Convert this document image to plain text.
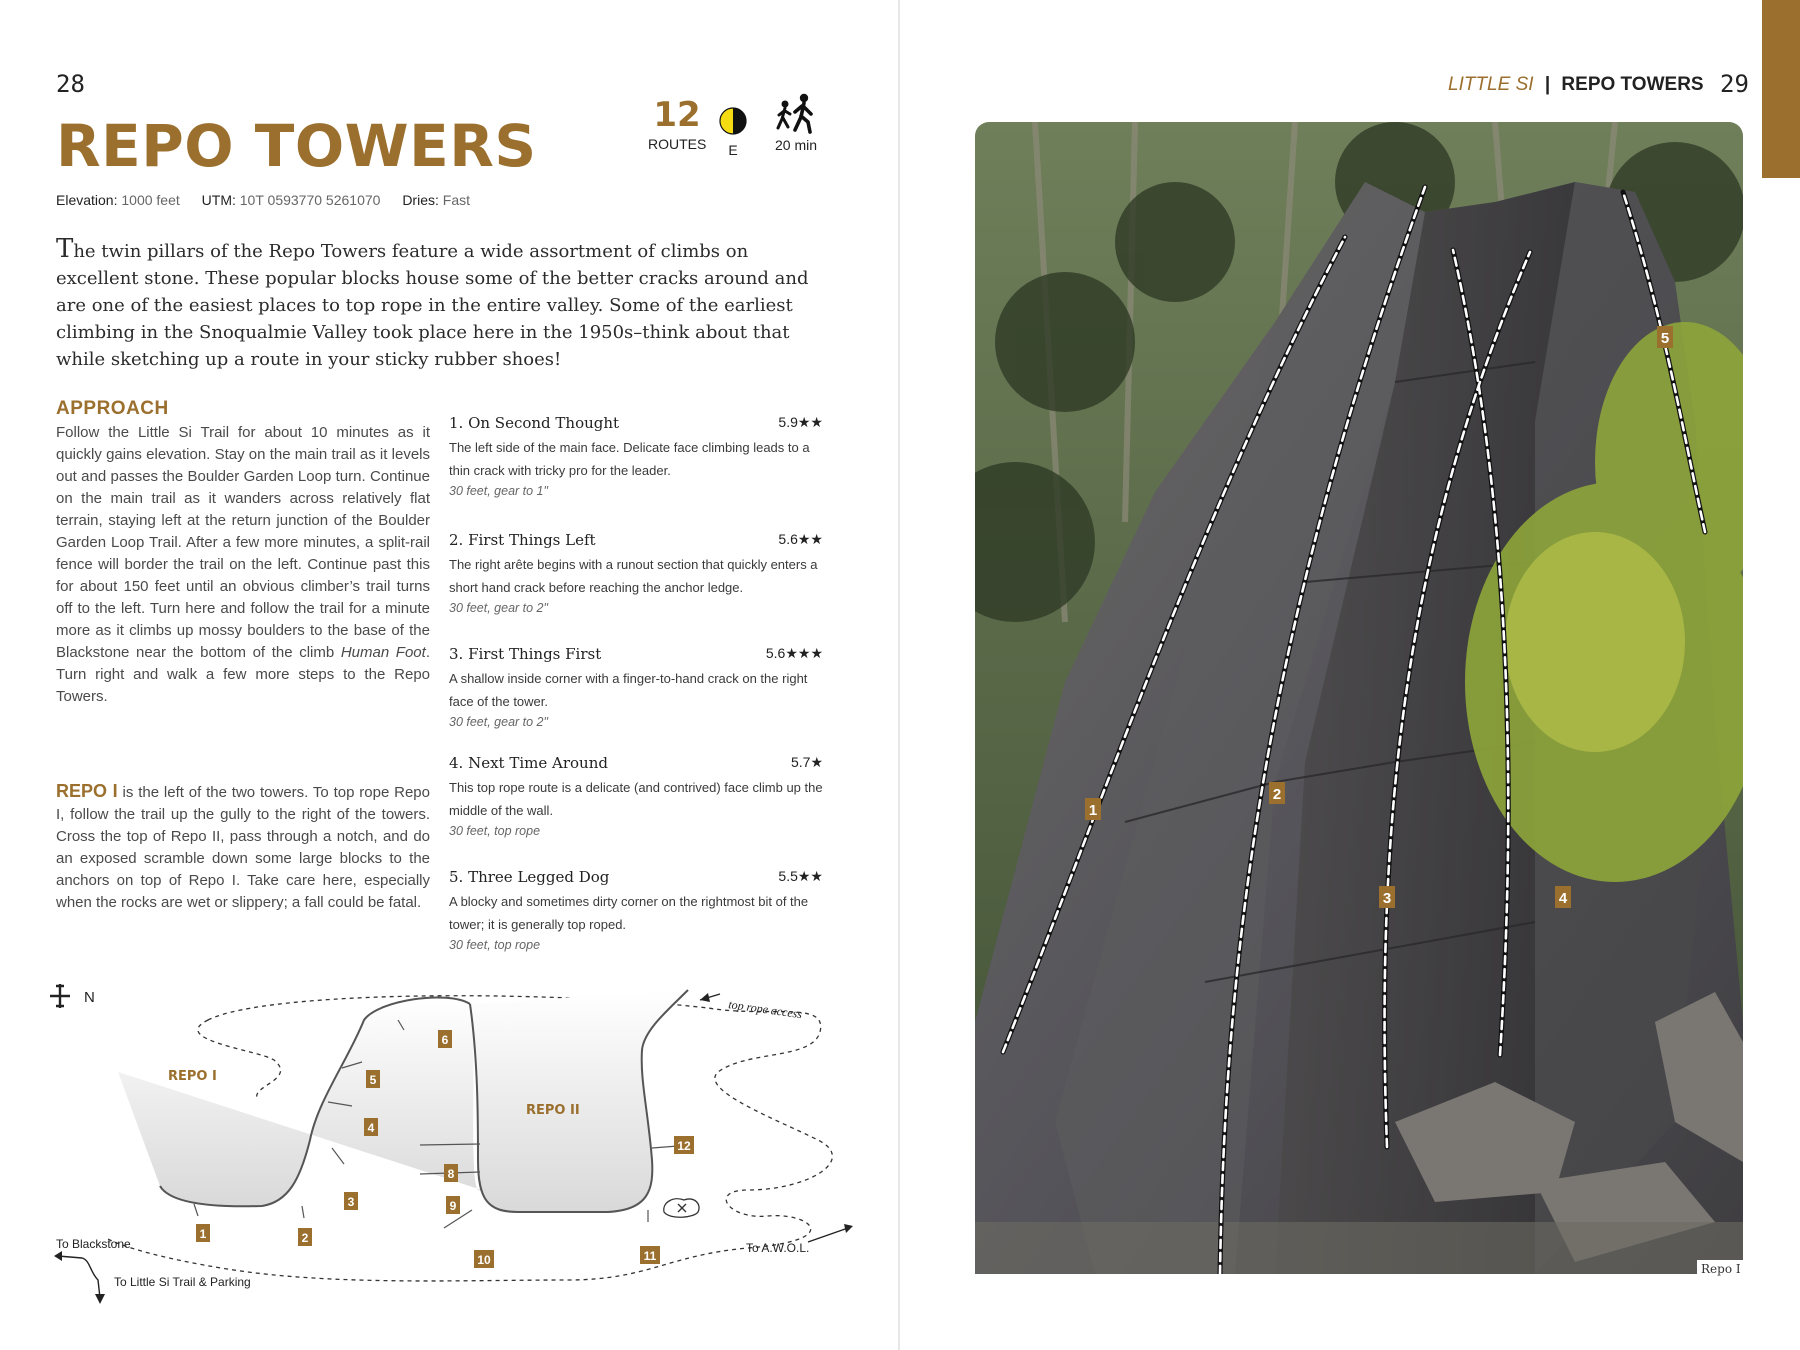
28
REPO TOWERS	12
ROUTES	E	20 min
Elevation: 1000 feet UTM: 10T 0593770 5261070 Dries: Fast
The twin pillars of the Repo Towers feature a wide assortment of climbs on excellent stone. These popular blocks house some of the better cracks around and are one of the easiest places to top rope in the entire valley. Some of the earliest climbing in the Snoqualmie Valley took place here in the 1950s–think about that while sketching up a route in your sticky rubber shoes!
APPROACH
Follow the Little Si Trail for about 10 minutes as it quickly gains elevation. Stay on the main trail as it levels out and passes the Boulder Garden Loop turn. Continue on the main trail as it wanders across relatively flat terrain, staying left at the return junction of the Boulder Garden Loop Trail. After a few more minutes, a split-rail fence will border the trail on the left. Continue past this for about 150 feet until an obvious climber’s trail turns off to the left. Turn here and follow the trail for a minute more as it climbs up mossy boulders to the base of the Blackstone near the bottom of the climb Human Foot. Turn right and walk a few more steps to the Repo Towers.
REPO I is the left of the two towers. To top rope Repo I, follow the trail up the gully to the right of the towers. Cross the top of Repo II, pass through a notch, and do an exposed scramble down some large blocks to the anchors on top of Repo I. Take care here, especially when the rocks are wet or slippery; a fall could be fatal.
1. On Second Thought	5.9★★
The left side of the main face. Delicate face climbing leads to a thin crack with tricky pro for the leader.
30 feet, gear to 1"
2. First Things Left	5.6★★
The right arête begins with a runout section that quickly enters a short hand crack before reaching the anchor ledge.
30 feet, gear to 2"
3. First Things First	5.6★★★
A shallow inside corner with a finger-to-hand crack on the right face of the tower.
30 feet, gear to 2"
4. Next Time Around	5.7★
This top rope route is a delicate (and contrived) face climb up the middle of the wall.
30 feet, top rope
5. Three Legged Dog	5.5★★
A blocky and sometimes dirty corner on the rightmost bit of the tower; it is generally top roped.
30 feet, top rope
N
REPO I
REPO II
1	2
3
4
5
6
8
9
10	11
12
top rope access
To Blackstone
To Little Si Trail & Parking
To A.W.O.L.
LITTLE SI | REPO TOWERS 29
1
2
3	4
5
Repo I
